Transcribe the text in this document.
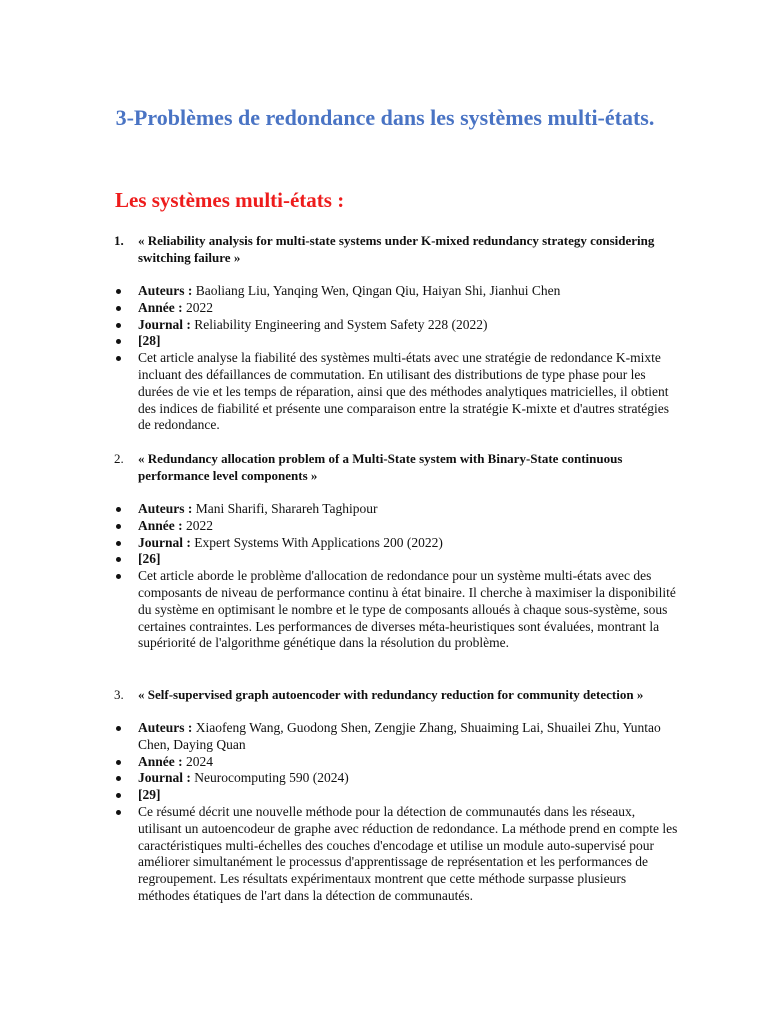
3-Problèmes de redondance dans les systèmes multi-états.
Les systèmes multi-états :
1. « Reliability analysis for multi-state systems under K-mixed redundancy strategy considering switching failure »
Auteurs : Baoliang Liu, Yanqing Wen, Qingan Qiu, Haiyan Shi, Jianhui Chen
Année : 2022
Journal : Reliability Engineering and System Safety 228 (2022)
[28]
Cet article analyse la fiabilité des systèmes multi-états avec une stratégie de redondance K-mixte incluant des défaillances de commutation. En utilisant des distributions de type phase pour les durées de vie et les temps de réparation, ainsi que des méthodes analytiques matricielles, il obtient des indices de fiabilité et présente une comparaison entre la stratégie K-mixte et d'autres stratégies de redondance.
2. « Redundancy allocation problem of a Multi-State system with Binary-State continuous performance level components »
Auteurs : Mani Sharifi, Sharareh Taghipour
Année : 2022
Journal : Expert Systems With Applications 200 (2022)
[26]
Cet article aborde le problème d'allocation de redondance pour un système multi-états avec des composants de niveau de performance continu à état binaire. Il cherche à maximiser la disponibilité du système en optimisant le nombre et le type de composants alloués à chaque sous-système, sous certaines contraintes. Les performances de diverses méta-heuristiques sont évaluées, montrant la supériorité de l'algorithme génétique dans la résolution du problème.
3. « Self-supervised graph autoencoder with redundancy reduction for community detection »
Auteurs : Xiaofeng Wang, Guodong Shen, Zengjie Zhang, Shuaiming Lai, Shuailei Zhu, Yuntao Chen, Daying Quan
Année : 2024
Journal : Neurocomputing 590 (2024)
[29]
Ce résumé décrit une nouvelle méthode pour la détection de communautés dans les réseaux, utilisant un autoencodeur de graphe avec réduction de redondance. La méthode prend en compte les caractéristiques multi-échelles des couches d'encodage et utilise un module auto-supervisé pour améliorer simultanément le processus d'apprentissage de représentation et les performances de regroupement. Les résultats expérimentaux montrent que cette méthode surpasse plusieurs méthodes étatiques de l'art dans la détection de communautés.
